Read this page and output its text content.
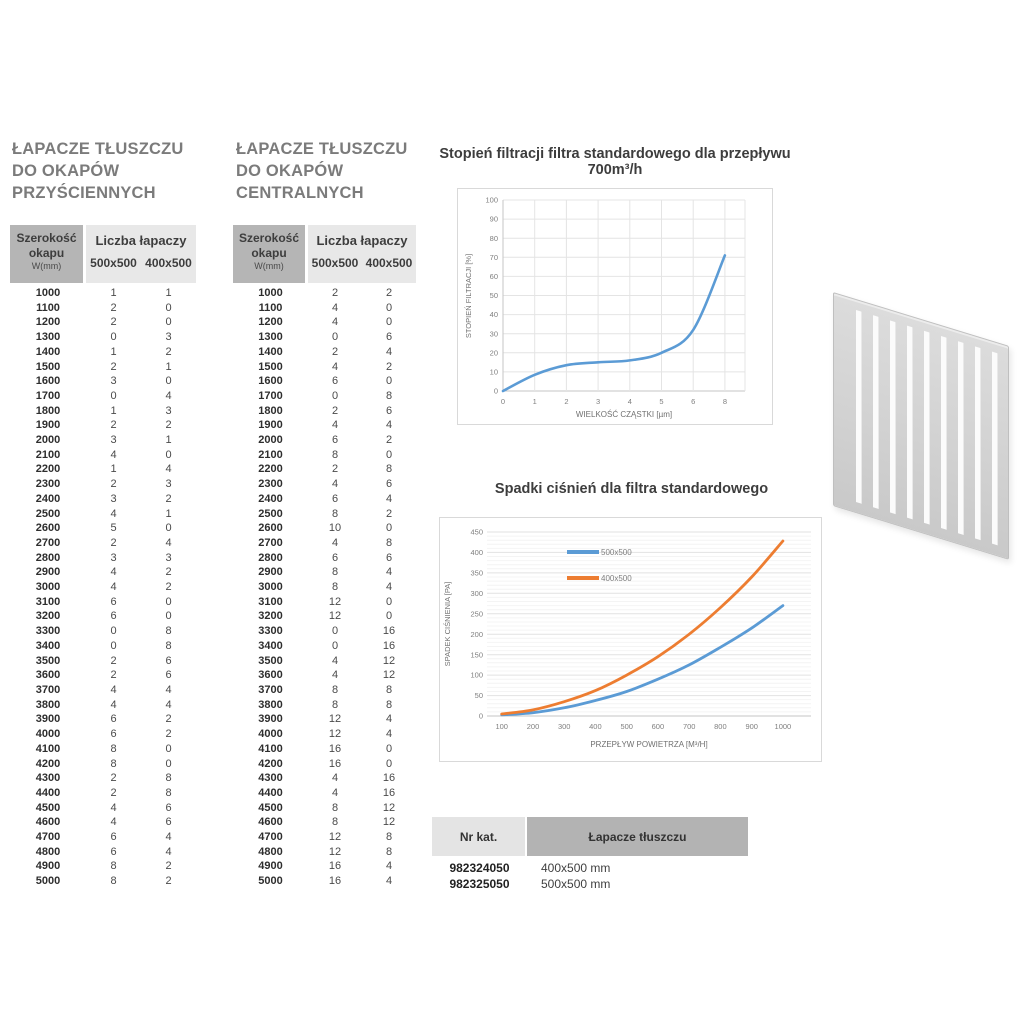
ŁAPACZE TŁUSZCZU
DO OKAPÓW
PRZYŚCIENNYCH
Szerokość
okapu
W(mm)
Liczba łapaczy
500x500 400x500
1000	1	1
1100	2	0
1200	2	0
1300	0	3
1400	1	2
1500	2	1
1600	3	0
1700	0	4
1800	1	3
1900	2	2
2000	3	1
2100	4	0
2200	1	4
2300	2	3
2400	3	2
2500	4	1
2600	5	0
2700	2	4
2800	3	3
2900	4	2
3000	4	2
3100	6	0
3200	6	0
3300	0	8
3400	0	8
3500	2	6
3600	2	6
3700	4	4
3800	4	4
3900	6	2
4000	6	2
4100	8	0
4200	8	0
4300	2	8
4400	2	8
4500	4	6
4600	4	6
4700	6	4
4800	6	4
4900	8	2
5000	8	2
ŁAPACZE TŁUSZCZU
DO OKAPÓW
CENTRALNYCH
Szerokość
okapu
W(mm)
Liczba łapaczy
500x500 400x500
1000	2	2
1100	4	0
1200	4	0
1300	0	6
1400	2	4
1500	4	2
1600	6	0
1700	0	8
1800	2	6
1900	4	4
2000	6	2
2100	8	0
2200	2	8
2300	4	6
2400	6	4
2500	8	2
2600	10	0
2700	4	8
2800	6	6
2900	8	4
3000	8	4
3100	12	0
3200	12	0
3300	0	16
3400	0	16
3500	4	12
3600	4	12
3700	8	8
3800	8	8
3900	12	4
4000	12	4
4100	16	0
4200	16	0
4300	4	16
4400	4	16
4500	8	12
4600	8	12
4700	12	8
4800	12	8
4900	16	4
5000	16	4
Stopień filtracji filtra standardowego dla przepływu 700m³/h
0
10
20
30
40
50
60
70
80
90
100
0	1	2	3	4	5	6	8
WIELKOŚĆ CZĄSTKI [µm]
STOPIEŃ FILTRACJI [%]
Spadki ciśnień dla filtra standardowego
0
50
100
150
200
250
300
350
400
450
100	200 300 400	500 600	700 800	900 1000
PRZEPŁYW POWIETRZA [M³/H]
SPADEK CIŚNIENIA [PA]
500x500
400x500
Nr kat.	Łapacze tłuszczu
982324050	400x500 mm
982325050	500x500 mm
